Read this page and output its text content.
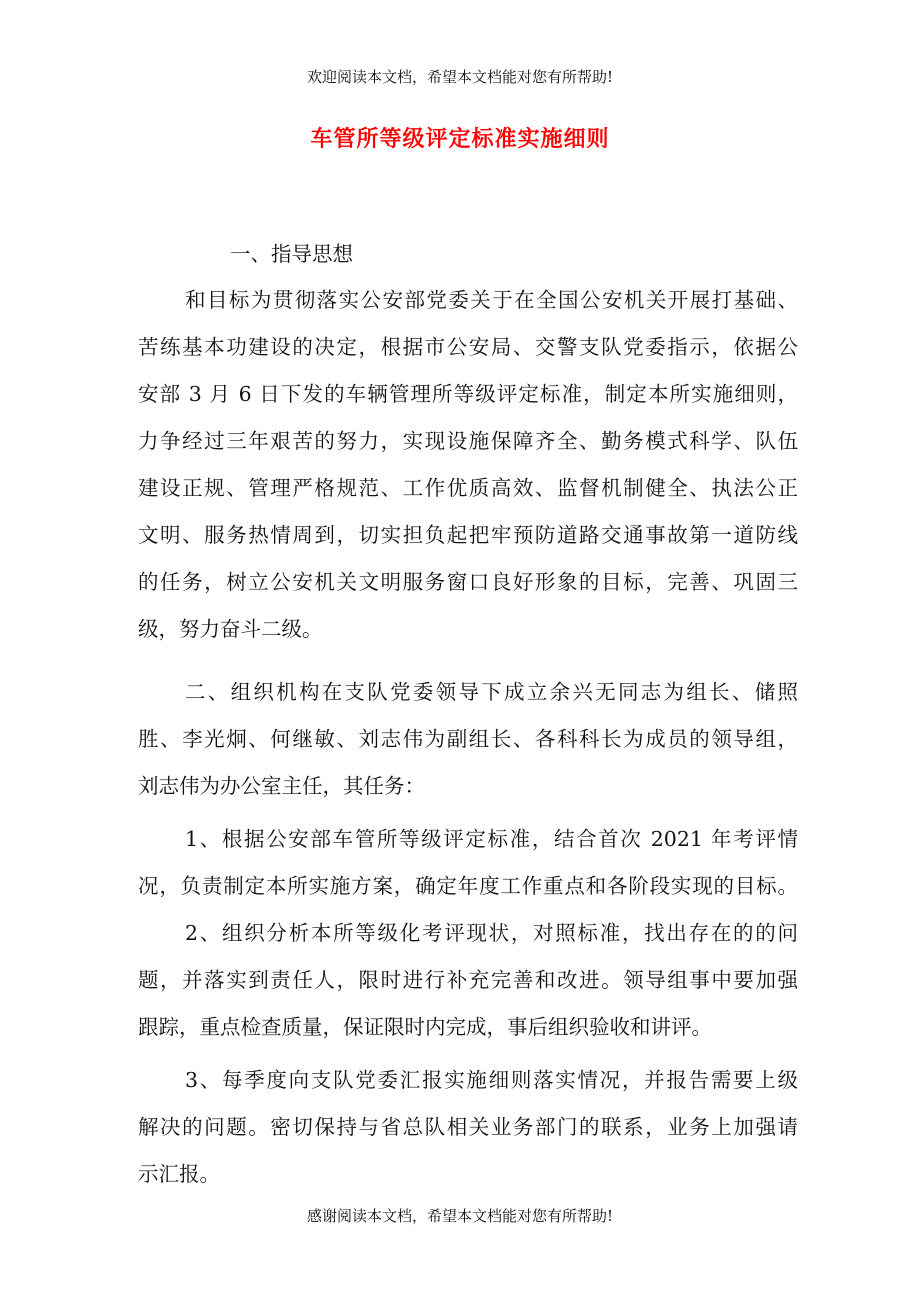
欢迎阅读本文档，希望本文档能对您有所帮助!
车管所等级评定标准实施细则
一、指导思想
和目标为贯彻落实公安部党委关于在全国公安机关开展打基础、
苦练基本功建设的决定，根据市公安局、交警支队党委指示，依据公
安部 3 月 6 日下发的车辆管理所等级评定标准，制定本所实施细则，
力争经过三年艰苦的努力，实现设施保障齐全、勤务模式科学、队伍
建设正规、管理严格规范、工作优质高效、监督机制健全、执法公正
文明、服务热情周到，切实担负起把牢预防道路交通事故第一道防线
的任务，树立公安机关文明服务窗口良好形象的目标，完善、巩固三
级，努力奋斗二级。
二、组织机构在支队党委领导下成立余兴无同志为组长、储照
胜、李光炯、何继敏、刘志伟为副组长、各科科长为成员的领导组，
刘志伟为办公室主任，其任务：
1、根据公安部车管所等级评定标准，结合首次 2021 年考评情
况，负责制定本所实施方案，确定年度工作重点和各阶段实现的目标。
2、组织分析本所等级化考评现状，对照标准，找出存在的的问
题，并落实到责任人，限时进行补充完善和改进。领导组事中要加强
跟踪，重点检查质量，保证限时内完成，事后组织验收和讲评。
3、每季度向支队党委汇报实施细则落实情况，并报告需要上级
解决的问题。密切保持与省总队相关业务部门的联系，业务上加强请
示汇报。
感谢阅读本文档，希望本文档能对您有所帮助!
